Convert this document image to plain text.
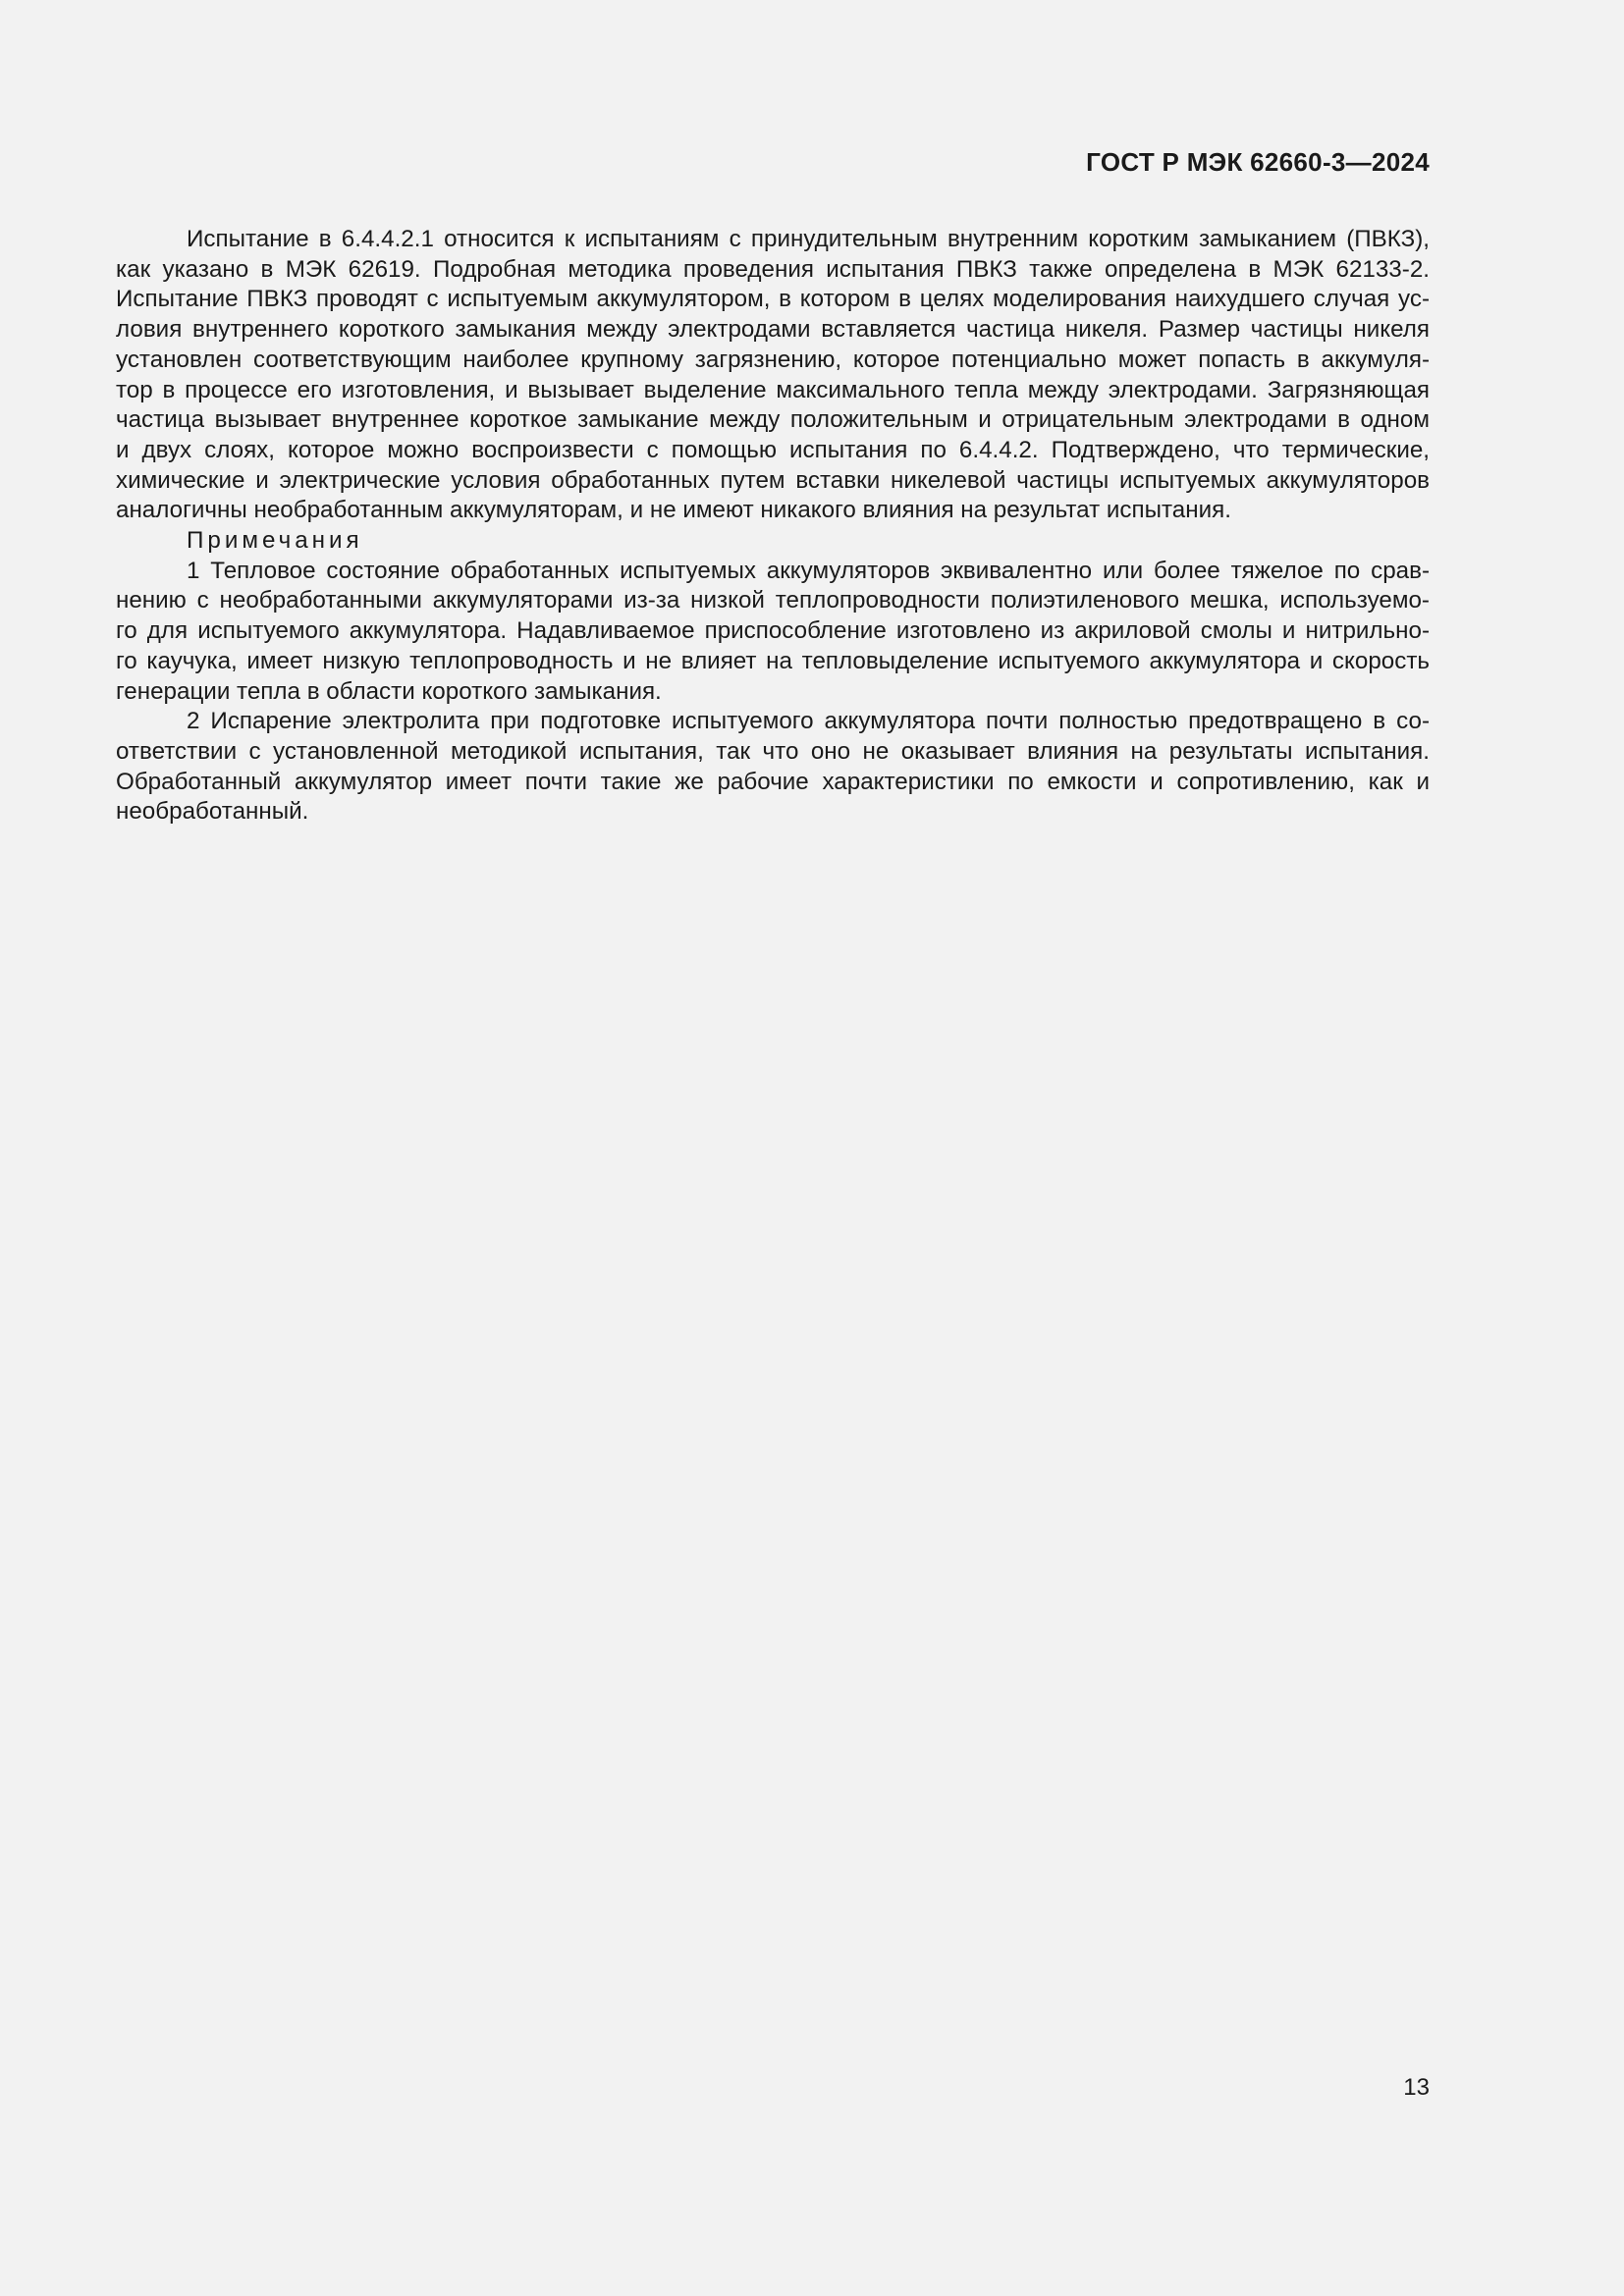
ГОСТ Р МЭК 62660-3—2024

Испытание в 6.4.4.2.1 относится к испытаниям с принудительным внутренним коротким замыканием (ПВКЗ),
как указано в МЭК 62619. Подробная методика проведения испытания ПВКЗ также определена в МЭК 62133-2.
Испытание ПВКЗ проводят с испытуемым аккумулятором, в котором в целях моделирования наихудшего случая ус-
ловия внутреннего короткого замыкания между электродами вставляется частица никеля. Размер частицы никеля
установлен соответствующим наиболее крупному загрязнению, которое потенциально может попасть в аккумуля-
тор в процессе его изготовления, и вызывает выделение максимального тепла между электродами. Загрязняющая
частица вызывает внутреннее короткое замыкание между положительным и отрицательным электродами в одном
и двух слоях, которое можно воспроизвести с помощью испытания по 6.4.4.2. Подтверждено, что термические,
химические и электрические условия обработанных путем вставки никелевой частицы испытуемых аккумуляторов
аналогичны необработанным аккумуляторам, и не имеют никакого влияния на результат испытания.

Примечания

1 Тепловое состояние обработанных испытуемых аккумуляторов эквивалентно или более тяжелое по срав-
нению с необработанными аккумуляторами из-за низкой теплопроводности полиэтиленового мешка, используемо-
го для испытуемого аккумулятора. Надавливаемое приспособление изготовлено из акриловой смолы и нитрильно-
го каучука, имеет низкую теплопроводность и не влияет на тепловыделение испытуемого аккумулятора и скорость
генерации тепла в области короткого замыкания.

2 Испарение электролита при подготовке испытуемого аккумулятора почти полностью предотвращено в со-
ответствии с установленной методикой испытания, так что оно не оказывает влияния на результаты испытания.
Обработанный аккумулятор имеет почти такие же рабочие характеристики по емкости и сопротивлению, как и
необработанный.

13
